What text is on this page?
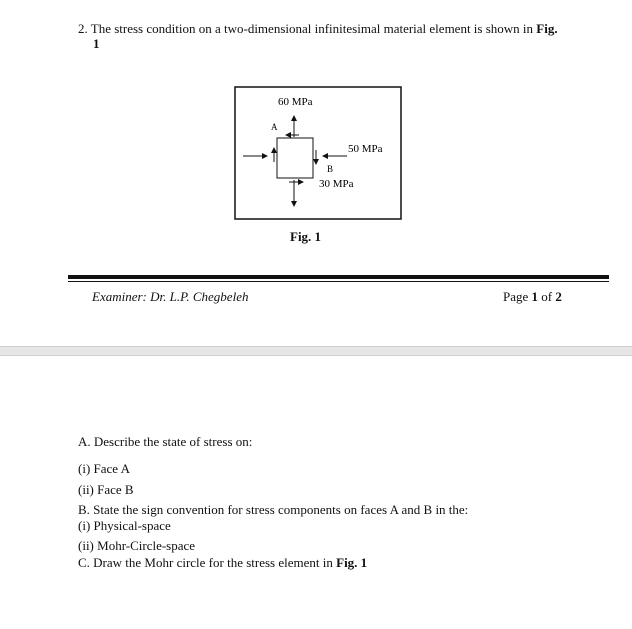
2. The stress condition on a two-dimensional infinitesimal material element is shown in Fig.
1
60 MPa
A
50 MPa
B
30 MPa
Fig. 1
Examiner: Dr. L.P. Chegbeleh	Page 1 of 2
A. Describe the state of stress on:
(i) Face A
(ii) Face B
B. State the sign convention for stress components on faces A and B in the:
(i) Physical-space
(ii) Mohr-Circle-space
C. Draw the Mohr circle for the stress element in Fig. 1
